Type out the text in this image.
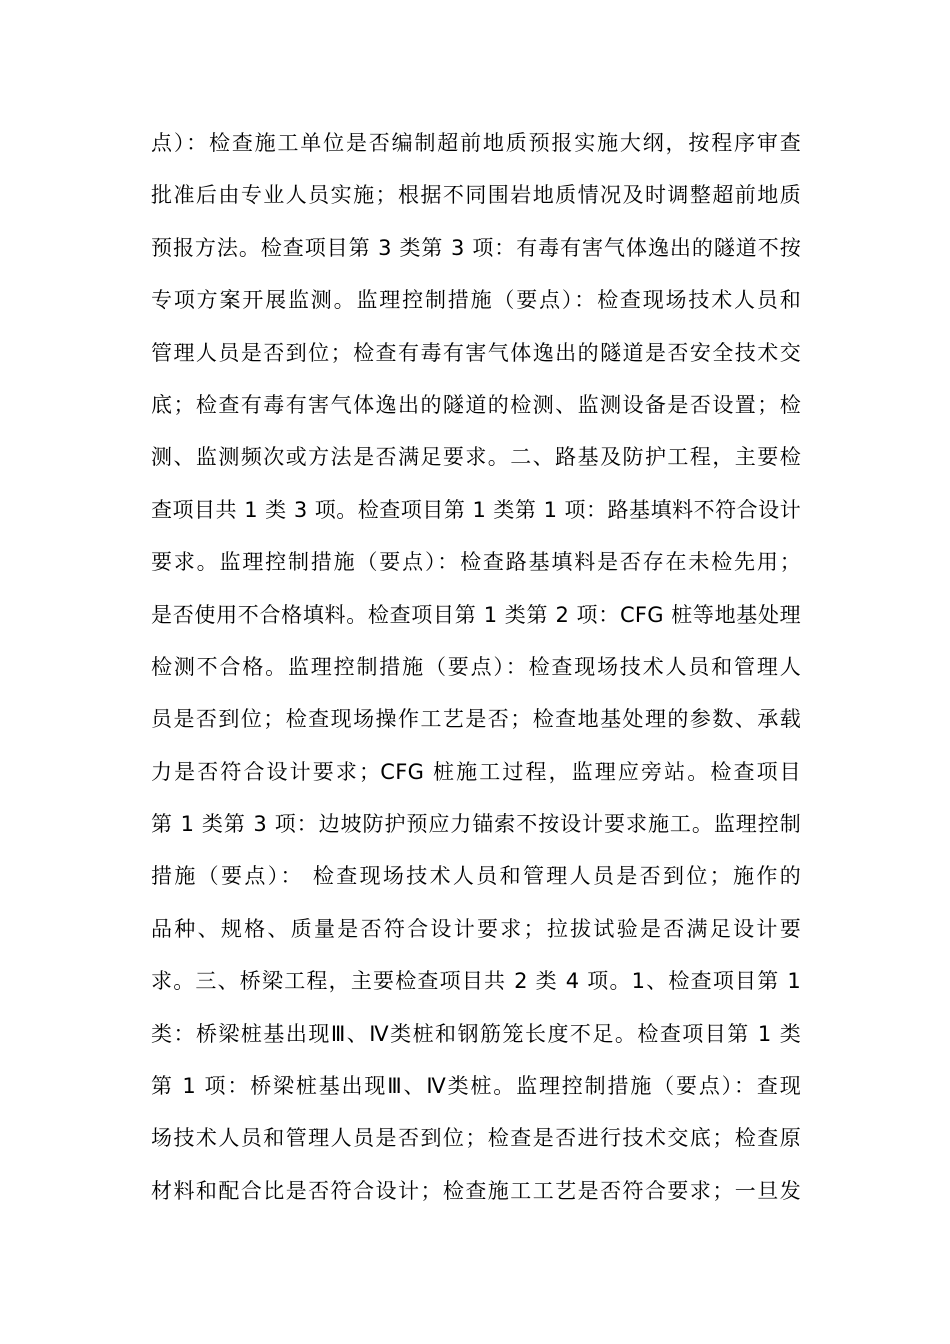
点）：检查施工单位是否编制超前地质预报实施大纲，按程序审查
批准后由专业人员实施；根据不同围岩地质情况及时调整超前地质
预报方法。检查项目第 3 类第 3 项：有毒有害气体逸出的隧道不按
专项方案开展监测。监理控制措施（要点）：检查现场技术人员和
管理人员是否到位；检查有毒有害气体逸出的隧道是否安全技术交
底；检查有毒有害气体逸出的隧道的检测、监测设备是否设置；检
测、监测频次或方法是否满足要求。二、路基及防护工程，主要检
查项目共 1 类 3 项。检查项目第 1 类第 1 项：路基填料不符合设计
要求。监理控制措施（要点）：检查路基填料是否存在未检先用；
是否使用不合格填料。检查项目第 1 类第 2 项：CFG 桩等地基处理
检测不合格。监理控制措施（要点）：检查现场技术人员和管理人
员是否到位；检查现场操作工艺是否；检查地基处理的参数、承载
力是否符合设计要求；CFG 桩施工过程，监理应旁站。检查项目
第 1 类第 3 项：边坡防护预应力锚索不按设计要求施工。监理控制
措施（要点）： 检查现场技术人员和管理人员是否到位；施作的
品种、规格、质量是否符合设计要求；拉拔试验是否满足设计要
求。三、桥梁工程，主要检查项目共 2 类 4 项。1、检查项目第 1
类：桥梁桩基出现Ⅲ、Ⅳ类桩和钢筋笼长度不足。检查项目第 1 类
第 1 项：桥梁桩基出现Ⅲ、Ⅳ类桩。监理控制措施（要点）：查现
场技术人员和管理人员是否到位；检查是否进行技术交底；检查原
材料和配合比是否符合设计；检查施工工艺是否符合要求；一旦发
